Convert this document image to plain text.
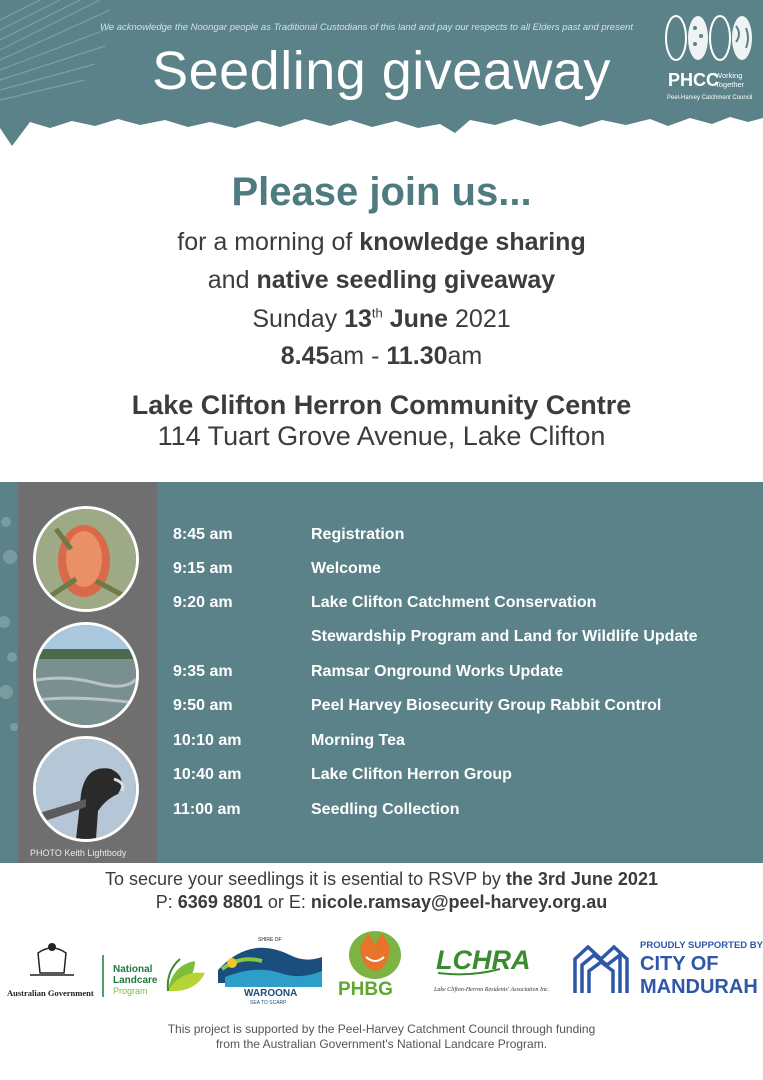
We acknowledge the Noongar people as Traditional Custodians of this land and pay our respects to all Elders past and present
Seedling giveaway	PHCC
Working Together
Peel-Harvey Catchment Council
Please join us...
for a morning of knowledge sharing
and native seedling giveaway
Sunday 13th June 2021
8.45am - 11.30am
Lake Clifton Herron Community Centre
114 Tuart Grove Avenue, Lake Clifton
8:45 am	Registration
9:15 am	Welcome
9:20 am	Lake Clifton Catchment Conservation
Stewardship Program and Land for Wildlife Update
9:35 am	Ramsar Onground Works Update
9:50 am	Peel Harvey Biosecurity Group Rabbit Control
10:10 am	Morning Tea
10:40 am	Lake Clifton Herron Group
11:00 am	Seedling Collection
PHOTO Keith Lightbody
To secure your seedlings it is esential to RSVP by the 3rd June 2021
P: 6369 8801 or E: nicole.ramsay@peel-harvey.org.au
Australian Government
National
Landcare
Program
SHIRE OF
WAROONA
SEA TO SCARP
PHBG
LCHRA
Lake Clifton-Herron Residents' Association Inc.
PROUDLY SUPPORTED BY
CITY OF
MANDURAH
This project is supported by the Peel-Harvey Catchment Council through funding
from the Australian Government's National Landcare Program.
